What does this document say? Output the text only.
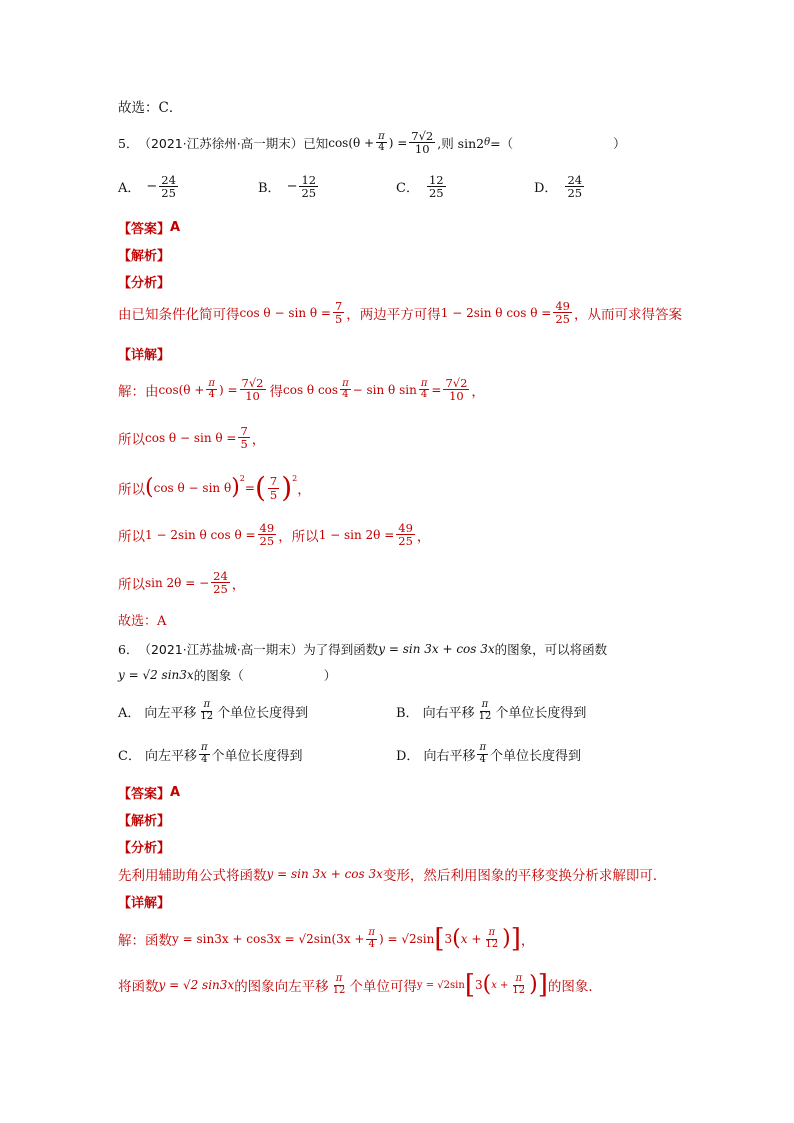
故选：C．
5． （2021·江苏徐州·高一期末） 已知 $\cos(\theta + \frac{\pi}{4}$ ) = $\frac{7√2}{10}$ ,则 sin2 θ =（	）
A． − $\frac{24}{25}$	B． − $\frac{12}{25}$	C． $\frac{12}{25}$	D． $\frac{24}{25}$
【答案】 A
【解析】
【分析】
由已知条件化简可得 $\cos \theta - \sin \theta = \frac{7}{5}$ ，两边平方可得 1 − 2sin θ $\cos \theta = \frac{49}{25}$ ，从而可求得答案
【详解】
解：由 $\cos(\theta + \frac{\pi}{4}$ ) = $\frac{7√2}{10}$ 得 cos θ $\cos \frac{\pi}{4} - \sin \theta$ $\sin \frac{\pi}{4} = \frac{7√2}{10}$ ，
所以 $\cos \theta - \sin \theta = \frac{7}{5}$ ，
所以 ( cos θ − sin θ ) 2
= ( $\frac{7}{5}$ ) 2
，
所以 1 − 2sin θ $\cos \theta = \frac{49}{25}$ ，所以 $1 - \sin 2\theta = \frac{49}{25}$ ，
所以 sin 2θ = − $\frac{24}{25}$ ，
故选：A
6． （2021·江苏盐城·高一期末） 为了得到函数 y = sin 3x + cos 3x 的图象，可以将函数
y = √2 sin3x 的图象（	）
A． 向左平移 $\frac{\pi}{12}$ 个单位长度得到	B． 向右平移 $\frac{\pi}{12}$ 个单位长度得到
C． 向左平移 $\frac{\pi}{4}$ 个单位长度得到	D． 向右平移 $\frac{\pi}{4}$ 个单位长度得到
【答案】 A
【解析】
【分析】
先利用辅助角公式将函数 y = sin 3x + cos 3x 变形，然后利用图象的平移变换分析求解即可．
【详解】
解：函数 $y = \sin 3x + \cos 3x = √2\sin(3x + \frac{\pi}{4}$ ) = √2sin [ 3 ( $x + \frac{\pi}{12}$ ) ] ，
将函数 y = √2 sin3x 的图象向左平移 $\frac{\pi}{12}$ 个单位可得 y = √2sin [ 3 ( $x + \frac{\pi}{12}$ ) ] 的图象．
